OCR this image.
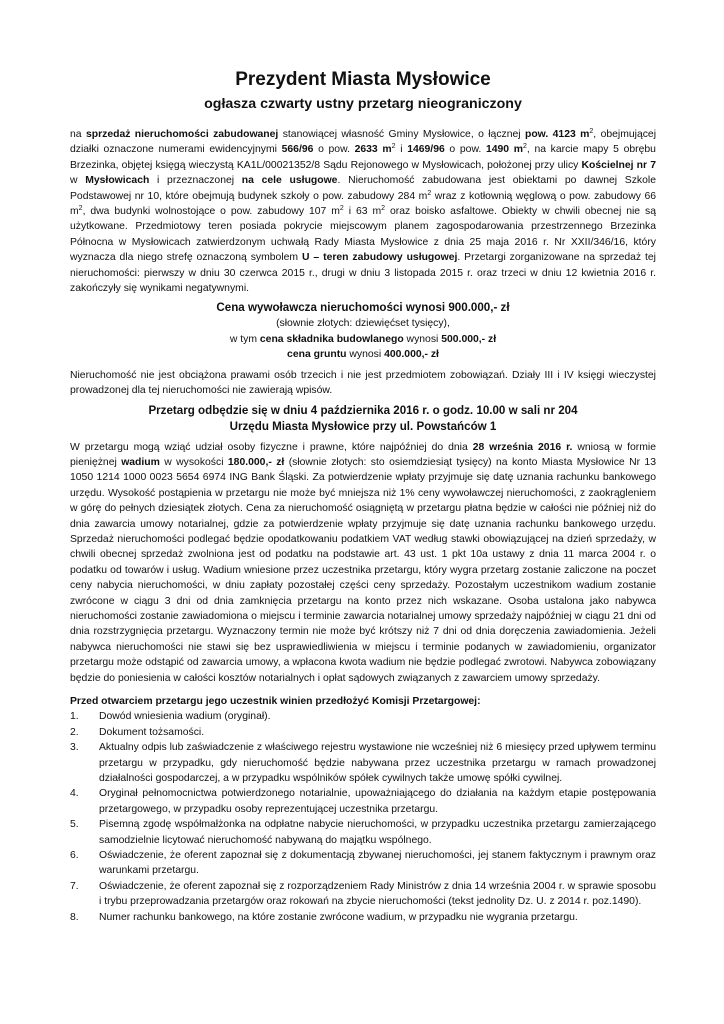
Prezydent Miasta Mysłowice
ogłasza czwarty ustny przetarg nieograniczony

na sprzedaż nieruchomości zabudowanej stanowiącej własność Gminy Mysłowice, o łącznej pow. 4123 $m^2$, obejmującej działki oznaczone numerami ewidencyjnymi 566/96 o pow. 2633 $m^2$ i 1469/96 o pow. 1490 $m^2$, na karcie mapy 5 obrębu Brzezinka, objętej księgą wieczystą KA1L/00021352/8 Sądu Rejonowego w Mysłowicach, położonej przy ulicy Kościelnej nr 7 w Mysłowicach i przeznaczonej na cele usługowe. Nieruchomość zabudowana jest obiektami po dawnej Szkole Podstawowej nr 10, które obejmują budynek szkoły o pow. zabudowy 284 $m^2$ wraz z kotłownią węglową o pow. zabudowy 66 $m^2$, dwa budynki wolnostojące o pow. zabudowy 107 $m^2$ i 63 $m^2$ oraz boisko asfaltowe. Obiekty w chwili obecnej nie są użytkowane. Przedmiotowy teren posiada pokrycie miejscowym planem zagospodarowania przestrzennego Brzezinka Północna w Mysłowicach zatwierdzonym uchwałą Rady Miasta Mysłowice z dnia 25 maja 2016 r. Nr XXII/346/16, który wyznacza dla niego strefę oznaczoną symbolem U – teren zabudowy usługowej. Przetargi zorganizowane na sprzedaż tej nieruchomości: pierwszy w dniu 30 czerwca 2015 r., drugi w dniu 3 listopada 2015 r. oraz trzeci w dniu 12 kwietnia 2016 r. zakończyły się wynikami negatywnymi.

Cena wywoławcza nieruchomości wynosi 900.000,- zł
(słownie złotych: dziewięćset tysięcy),
w tym cena składnika budowlanego wynosi 500.000,- zł
cena gruntu wynosi 400.000,- zł

Nieruchomość nie jest obciążona prawami osób trzecich i nie jest przedmiotem zobowiązań. Działy III i IV księgi wieczystej prowadzonej dla tej nieruchomości nie zawierają wpisów.

Przetarg odbędzie się w dniu 4 października 2016 r. o godz. 10.00 w sali nr 204
Urzędu Miasta Mysłowice przy ul. Powstańców 1

W przetargu mogą wziąć udział osoby fizyczne i prawne, które najpóźniej do dnia 28 września 2016 r. wniosą w formie pieniężnej wadium w wysokości 180.000,- zł (słownie złotych: sto osiemdziesiąt tysięcy) na konto Miasta Mysłowice Nr 13 1050 1214 1000 0023 5654 6974 ING Bank Śląski. Za potwierdzenie wpłaty przyjmuje się datę uznania rachunku bankowego urzędu. Wysokość postąpienia w przetargu nie może być mniejsza niż 1% ceny wywoławczej nieruchomości, z zaokrągleniem w górę do pełnych dziesiątek złotych. Cena za nieruchomość osiągniętą w przetargu płatna będzie w całości nie później niż do dnia zawarcia umowy notarialnej, gdzie za potwierdzenie wpłaty przyjmuje się datę uznania rachunku bankowego urzędu. Sprzedaż nieruchomości podlegać będzie opodatkowaniu podatkiem VAT według stawki obowiązującej na dzień sprzedaży, w chwili obecnej sprzedaż zwolniona jest od podatku na podstawie art. 43 ust. 1 pkt 10a ustawy z dnia 11 marca 2004 r. o podatku od towarów i usług. Wadium wniesione przez uczestnika przetargu, który wygra przetarg zostanie zaliczone na poczet ceny nabycia nieruchomości, w dniu zapłaty pozostałej części ceny sprzedaży. Pozostałym uczestnikom wadium zostanie zwrócone w ciągu 3 dni od dnia zamknięcia przetargu na konto przez nich wskazane. Osoba ustalona jako nabywca nieruchomości zostanie zawiadomiona o miejscu i terminie zawarcia notarialnej umowy sprzedaży najpóźniej w ciągu 21 dni od dnia rozstrzygnięcia przetargu. Wyznaczony termin nie może być krótszy niż 7 dni od dnia doręczenia zawiadomienia. Jeżeli nabywca nieruchomości nie stawi się bez usprawiedliwienia w miejscu i terminie podanych w zawiadomieniu, organizator przetargu może odstąpić od zawarcia umowy, a wpłacona kwota wadium nie będzie podlegać zwrotowi. Nabywca zobowiązany będzie do poniesienia w całości kosztów notarialnych i opłat sądowych związanych z zawarciem umowy sprzedaży.

Przed otwarciem przetargu jego uczestnik winien przedłożyć Komisji Przetargowej:
1. Dowód wniesienia wadium (oryginał).
2. Dokument tożsamości.
3. Aktualny odpis lub zaświadczenie z właściwego rejestru wystawione nie wcześniej niż 6 miesięcy przed upływem terminu przetargu w przypadku, gdy nieruchomość będzie nabywana przez uczestnika przetargu w ramach prowadzonej działalności gospodarczej, a w przypadku wspólników spółek cywilnych także umowę spółki cywilnej.
4. Oryginał pełnomocnictwa potwierdzonego notarialnie, upoważniającego do działania na każdym etapie postępowania przetargowego, w przypadku osoby reprezentującej uczestnika przetargu.
5. Pisemną zgodę współmałżonka na odpłatne nabycie nieruchomości, w przypadku uczestnika przetargu zamierzającego samodzielnie licytować nieruchomość nabywaną do majątku wspólnego.
6. Oświadczenie, że oferent zapoznał się z dokumentacją zbywanej nieruchomości, jej stanem faktycznym i prawnym oraz warunkami przetargu.
7. Oświadczenie, że oferent zapoznał się z rozporządzeniem Rady Ministrów z dnia 14 września 2004 r. w sprawie sposobu i trybu przeprowadzania przetargów oraz rokowań na zbycie nieruchomości (tekst jednolity Dz. U. z 2014 r. poz.1490).
8. Numer rachunku bankowego, na które zostanie zwrócone wadium, w przypadku nie wygrania przetargu.
